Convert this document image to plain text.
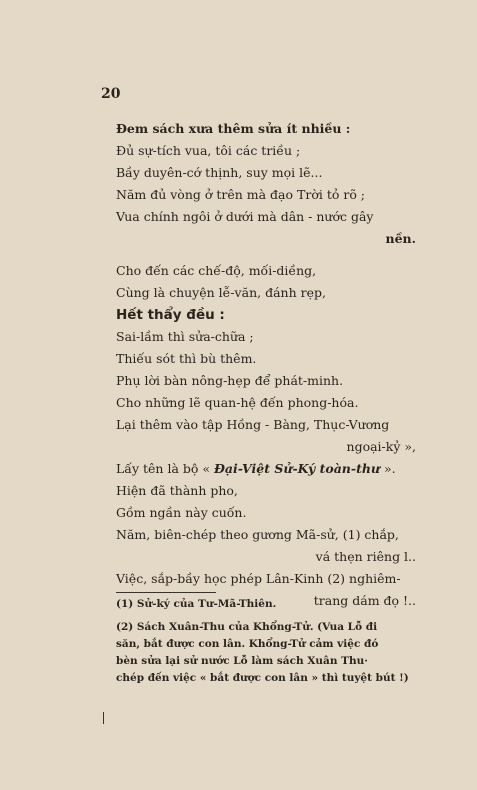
20
Đem sách xưa thêm sửa ít nhiều :
Đủ sự-tích vua, tôi các triều ;
Bầy duyên-cớ thịnh, suy mọi lẽ...
Năm đủ vòng ở trên mà đạo Trời tỏ rõ ;
Vua chính ngôi ở dưới mà dân - nước gây
nền.
Cho đến các chế-độ, mối-diềng,
Cùng là chuyện lễ-văn, đánh rẹp,
Hết thẩy đều :
Sai-lầm thì sửa-chữa ;
Thiếu sót thì bù thêm.
Phụ lời bàn nông-hẹp để phát-minh.
Cho những lẽ quan-hệ đến phong-hóa.
Lại thêm vào tập Hồng - Bàng, Thục-Vương
ngoại-kỷ »,
Lấy tên là bộ « Đại-Việt Sử-Ký toàn-thư ».
Hiện đã thành pho,
Gồm ngần này cuốn.
Năm, biên-chép theo gương Mã-sử, (1) chắp,
vá thẹn riêng l..
Việc, sắp-bầy học phép Lân-Kinh (2) nghiêm-
trang dám đọ !..
(1) Sử-ký của Tư-Mã-Thiên.
(2) Sách Xuân-Thu của Khổng-Tử. (Vua Lỗ đi
săn, bắt được con lân. Khổng-Tử cảm việc đó
bèn sửa lại sử nước Lỗ làm sách Xuân Thu·
chép đến việc « bắt được con lân » thì tuyệt bút !)
